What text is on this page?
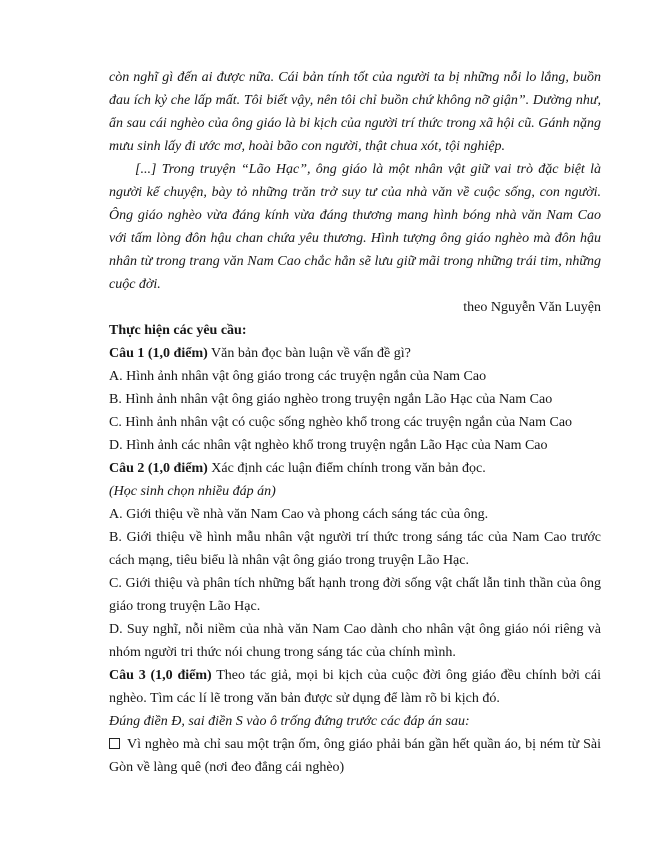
còn nghĩ gì đến ai được nữa. Cái bản tính tốt của người ta bị những nỗi lo lắng, buồn đau ích kỷ che lấp mất. Tôi biết vậy, nên tôi chỉ buồn chứ không nỡ giận”. Dường như, ẩn sau cái nghèo của ông giáo là bi kịch của người trí thức trong xã hội cũ. Gánh nặng mưu sinh lấy đi ước mơ, hoài bão con người, thật chua xót, tội nghiệp.

[...] Trong truyện “Lão Hạc”, ông giáo là một nhân vật giữ vai trò đặc biệt là người kể chuyện, bày tỏ những trăn trở suy tư của nhà văn về cuộc sống, con người. Ông giáo nghèo vừa đáng kính vừa đáng thương mang hình bóng nhà văn Nam Cao với tấm lòng đôn hậu chan chứa yêu thương. Hình tượng ông giáo nghèo mà đôn hậu nhân từ trong trang văn Nam Cao chắc hẳn sẽ lưu giữ mãi trong những trái tim, những cuộc đời.

theo Nguyễn Văn Luyện

Thực hiện các yêu cầu:

Câu 1 (1,0 điểm) Văn bản đọc bàn luận về vấn đề gì?

A. Hình ảnh nhân vật ông giáo trong các truyện ngắn của Nam Cao

B. Hình ảnh nhân vật ông giáo nghèo trong truyện ngắn Lão Hạc của Nam Cao

C. Hình ảnh nhân vật có cuộc sống nghèo khổ trong các truyện ngắn của Nam Cao

D. Hình ảnh các nhân vật nghèo khổ trong truyện ngắn Lão Hạc của Nam Cao

Câu 2 (1,0 điểm) Xác định các luận điểm chính trong văn bản đọc.

(Học sinh chọn nhiều đáp án)

A. Giới thiệu về nhà văn Nam Cao và phong cách sáng tác của ông.

B. Giới thiệu về hình mẫu nhân vật người trí thức trong sáng tác của Nam Cao trước cách mạng, tiêu biểu là nhân vật ông giáo trong truyện Lão Hạc.

C. Giới thiệu và phân tích những bất hạnh trong đời sống vật chất lẫn tinh thần của ông giáo trong truyện Lão Hạc.

D. Suy nghĩ, nỗi niềm của nhà văn Nam Cao dành cho nhân vật ông giáo nói riêng và nhóm người tri thức nói chung trong sáng tác của chính mình.

Câu 3 (1,0 điểm) Theo tác giả, mọi bi kịch của cuộc đời ông giáo đều chính bởi cái nghèo. Tìm các lí lẽ trong văn bản được sử dụng để làm rõ bi kịch đó.

Đúng điền Đ, sai điền S vào ô trống đứng trước các đáp án sau:

Vì nghèo mà chỉ sau một trận ốm, ông giáo phải bán gần hết quần áo, bị ném từ Sài Gòn về làng quê (nơi đeo đẳng cái nghèo)
